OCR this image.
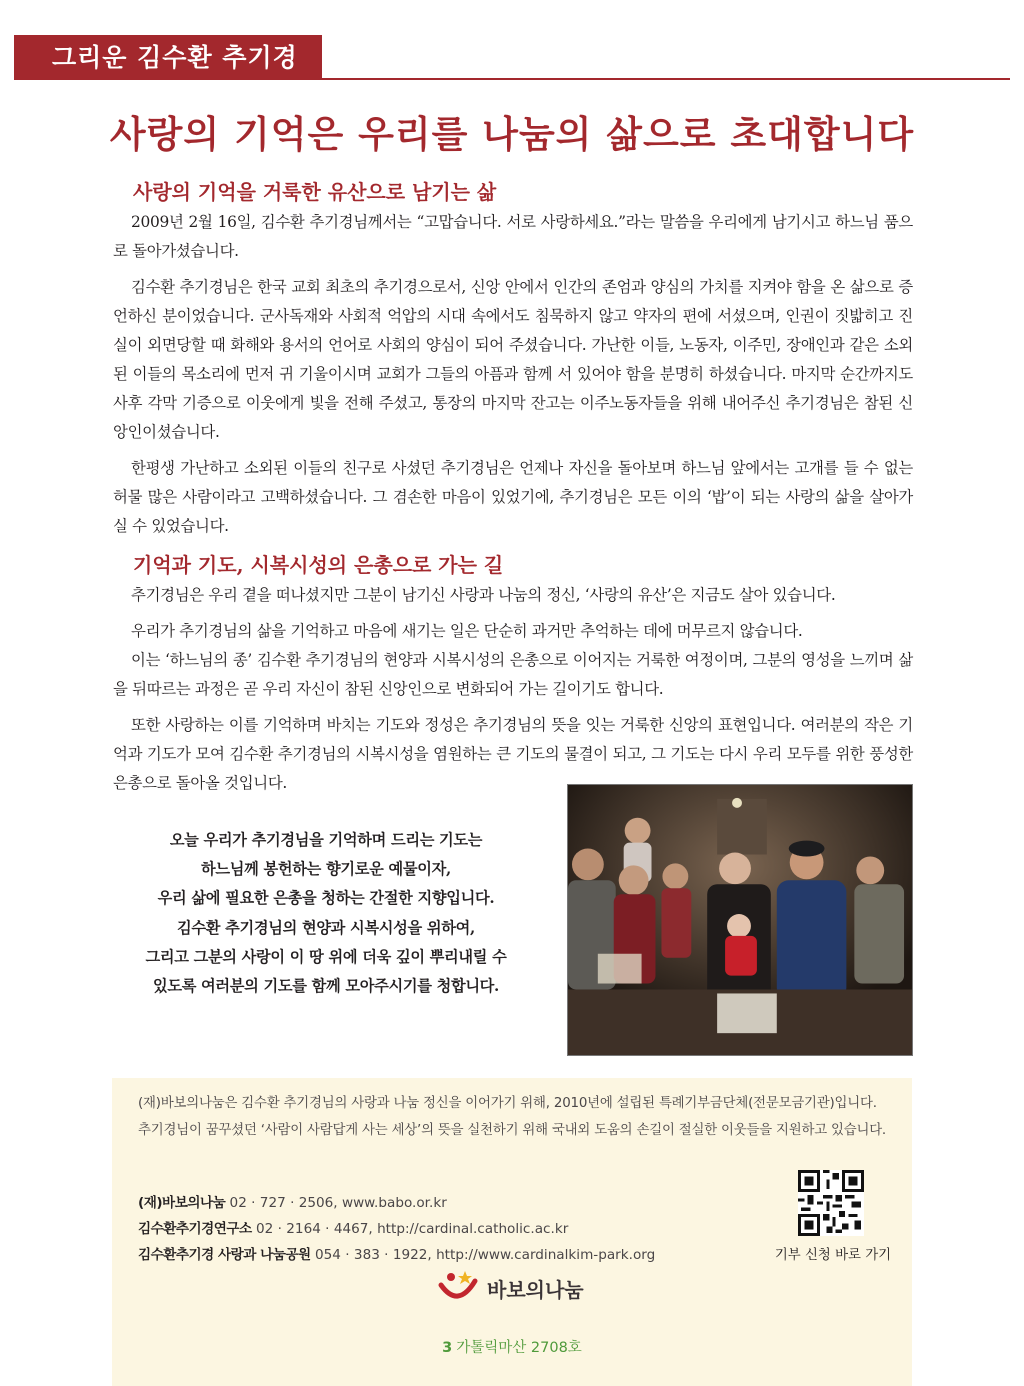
그리운 김수환 추기경
사랑의 기억은 우리를 나눔의 삶으로 초대합니다
사랑의 기억을 거룩한 유산으로 남기는 삶

2009년 2월 16일, 김수환 추기경님께서는 “고맙습니다. 서로 사랑하세요.”라는 말씀을 우리에게 남기시고 하느님 품으로 돌아가셨습니다.

김수환 추기경님은 한국 교회 최초의 추기경으로서, 신앙 안에서 인간의 존엄과 양심의 가치를 지켜야 함을 온 삶으로 증언하신 분이었습니다. 군사독재와 사회적 억압의 시대 속에서도 침묵하지 않고 약자의 편에 서셨으며, 인권이 짓밟히고 진실이 외면당할 때 화해와 용서의 언어로 사회의 양심이 되어 주셨습니다. 가난한 이들, 노동자, 이주민, 장애인과 같은 소외된 이들의 목소리에 먼저 귀 기울이시며 교회가 그들의 아픔과 함께 서 있어야 함을 분명히 하셨습니다. 마지막 순간까지도 사후 각막 기증으로 이웃에게 빛을 전해 주셨고, 통장의 마지막 잔고는 이주노동자들을 위해 내어주신 추기경님은 참된 신앙인이셨습니다.

한평생 가난하고 소외된 이들의 친구로 사셨던 추기경님은 언제나 자신을 돌아보며 하느님 앞에서는 고개를 들 수 없는 허물 많은 사람이라고 고백하셨습니다. 그 겸손한 마음이 있었기에, 추기경님은 모든 이의 ‘밥’이 되는 사랑의 삶을 살아가실 수 있었습니다.

기억과 기도, 시복시성의 은총으로 가는 길

추기경님은 우리 곁을 떠나셨지만 그분이 남기신 사랑과 나눔의 정신, ‘사랑의 유산’은 지금도 살아 있습니다.

우리가 추기경님의 삶을 기억하고 마음에 새기는 일은 단순히 과거만 추억하는 데에 머무르지 않습니다.

이는 ‘하느님의 종’ 김수환 추기경님의 현양과 시복시성의 은총으로 이어지는 거룩한 여정이며, 그분의 영성을 느끼며 삶을 뒤따르는 과정은 곧 우리 자신이 참된 신앙인으로 변화되어 가는 길이기도 합니다.

또한 사랑하는 이를 기억하며 바치는 기도와 정성은 추기경님의 뜻을 잇는 거룩한 신앙의 표현입니다. 여러분의 작은 기억과 기도가 모여 김수환 추기경님의 시복시성을 염원하는 큰 기도의 물결이 되고, 그 기도는 다시 우리 모두를 위한 풍성한 은총으로 돌아올 것입니다.

오늘 우리가 추기경님을 기억하며 드리는 기도는
하느님께 봉헌하는 향기로운 예물이자,
우리 삶에 필요한 은총을 청하는 간절한 지향입니다.
김수환 추기경님의 현양과 시복시성을 위하여,
그리고 그분의 사랑이 이 땅 위에 더욱 깊이 뿌리내릴 수
있도록 여러분의 기도를 함께 모아주시기를 청합니다.

(재)바보의나눔은 김수환 추기경님의 사랑과 나눔 정신을 이어가기 위해, 2010년에 설립된 특례기부금단체(전문모금기관)입니다. 추기경님이 꿈꾸셨던 ‘사람이 사람답게 사는 세상’의 뜻을 실천하기 위해 국내외 도움의 손길이 절실한 이웃들을 지원하고 있습니다.

(재)바보의나눔 02 · 727 · 2506, www.babo.or.kr
김수환추기경연구소 02 · 2164 · 4467, http://cardinal.catholic.ac.kr
김수환추기경 사랑과 나눔공원 054 · 383 · 1922, http://www.cardinalkim-park.org	기부 신청 바로 가기
바보의나눔
3 가톨릭마산 2708호
